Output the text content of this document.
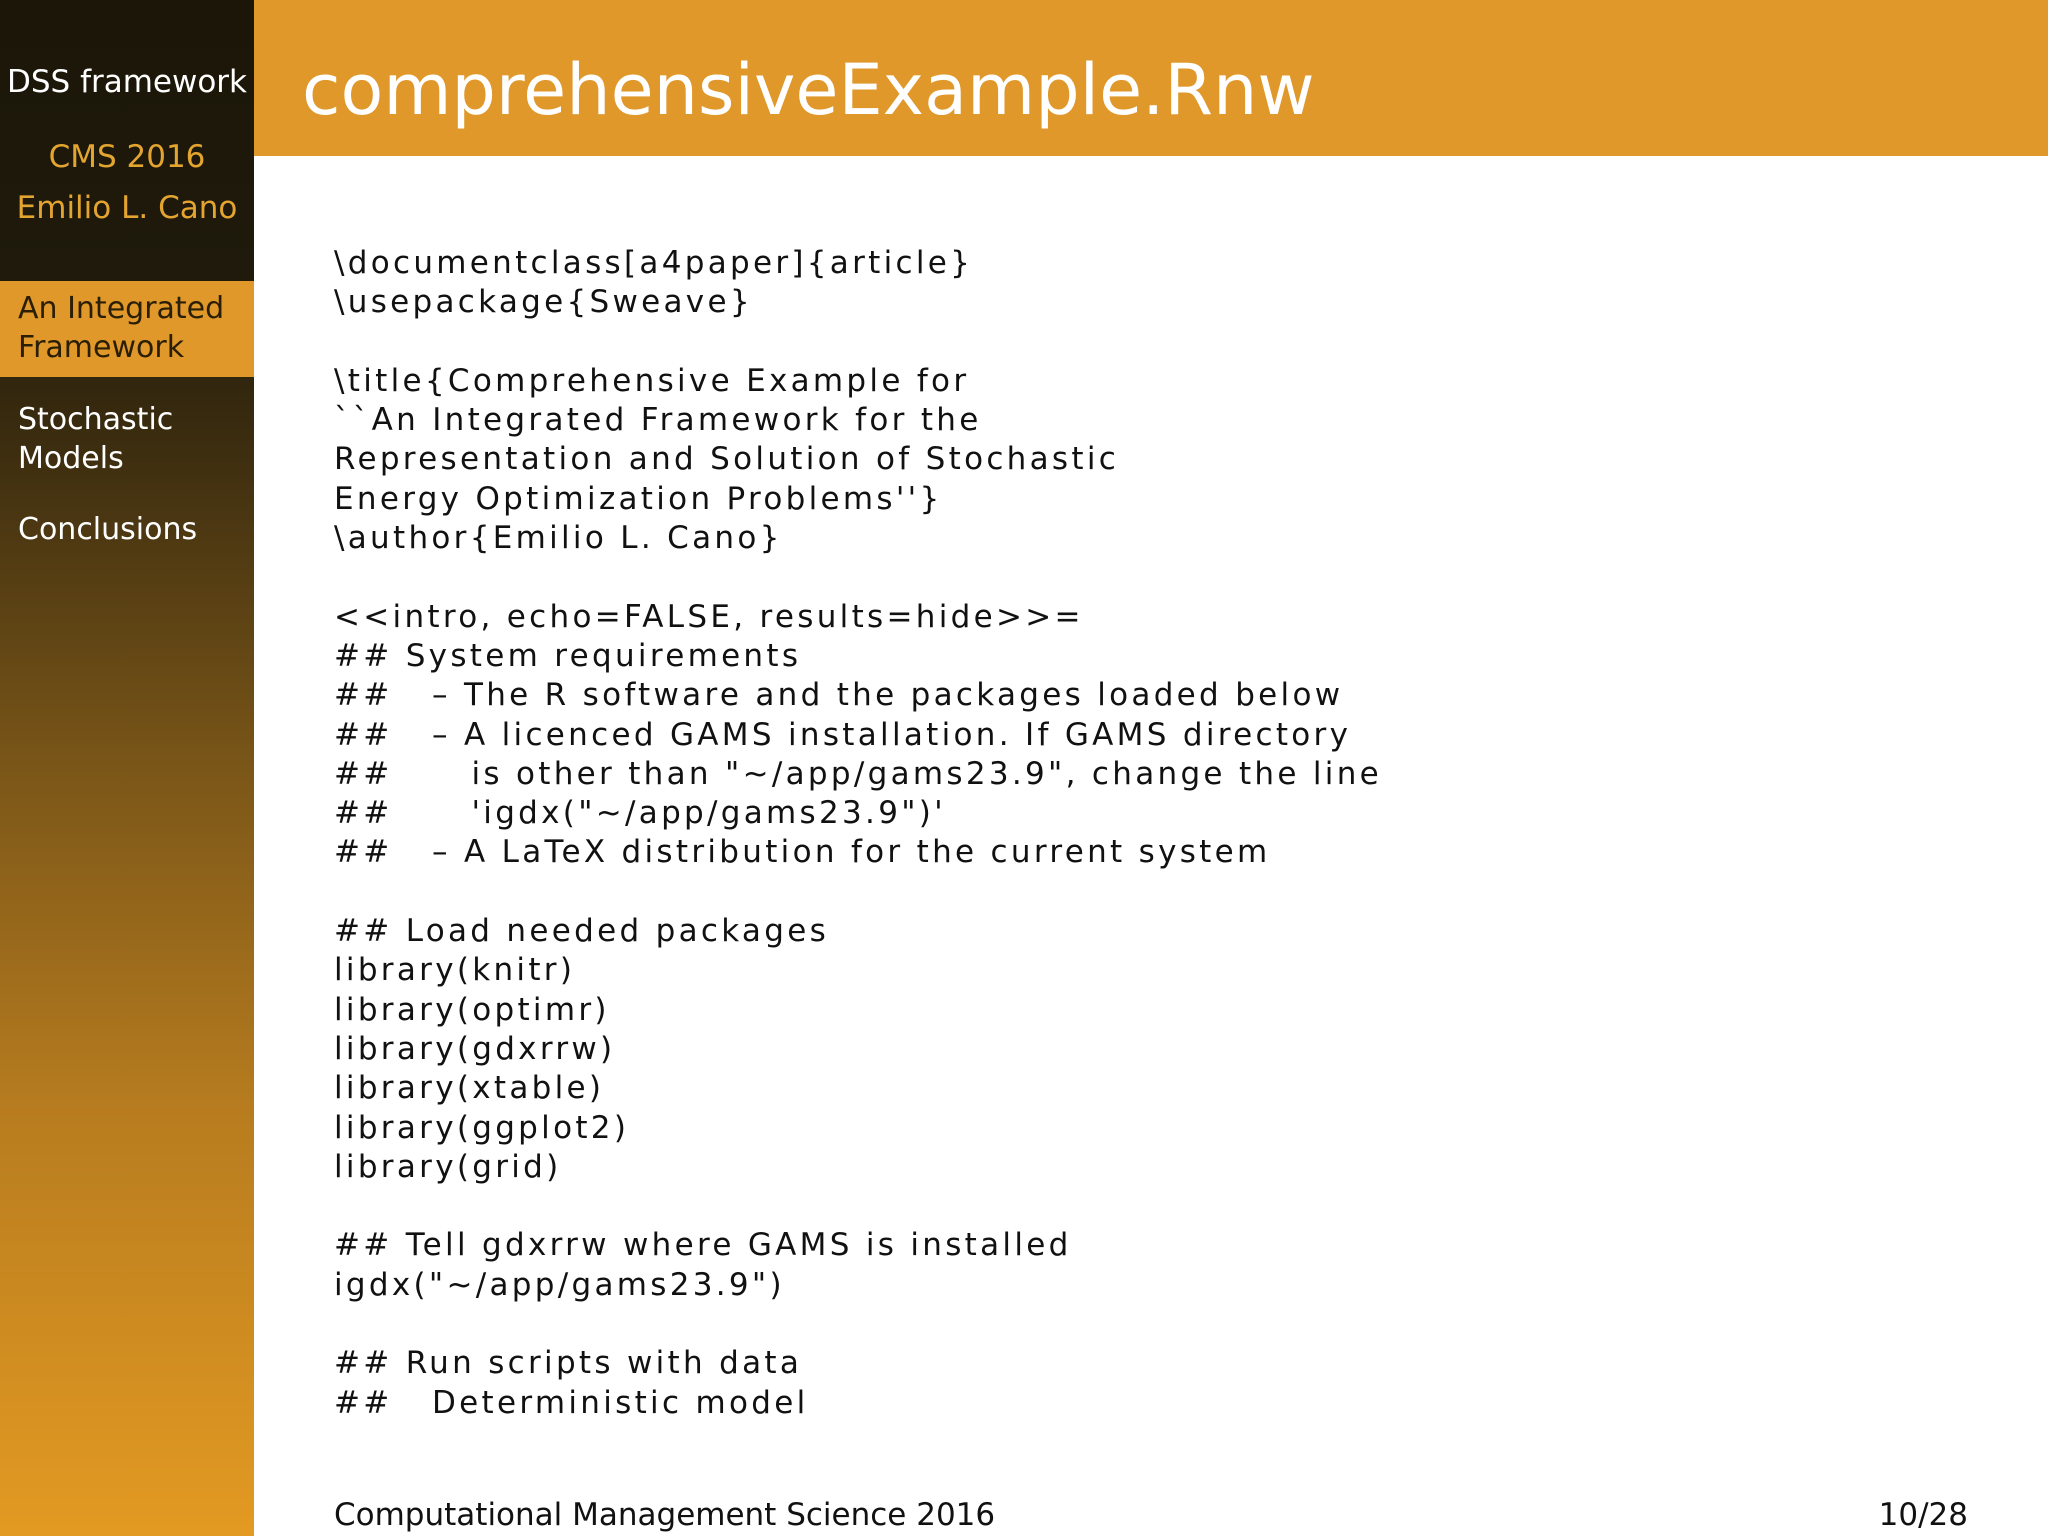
DSS framework
CMS 2016
Emilio L. Cano
An Integrated Framework
Stochastic Models
Conclusions
comprehensiveExample.Rnw
\documentclass[a4paper]{article}
\usepackage{Sweave}
\title{Comprehensive Example for
``An Integrated Framework for the
Representation and Solution of Stochastic
Energy Optimization Problems''}
\author{Emilio L. Cano}
<<intro, echo=FALSE, results=hide>>=
## System requirements
##   – The R software and the packages loaded below
##   – A licenced GAMS installation. If GAMS directory
##      is other than "~/app/gams23.9", change the line
##      'igdx("~/app/gams23.9")'
##   – A LaTeX distribution for the current system
## Load needed packages
library(knitr)
library(optimr)
library(gdxrrw)
library(xtable)
library(ggplot2)
library(grid)
## Tell gdxrrw where GAMS is installed
igdx("~/app/gams23.9")
## Run scripts with data
##   Deterministic model
Computational Management Science 2016	10/28
